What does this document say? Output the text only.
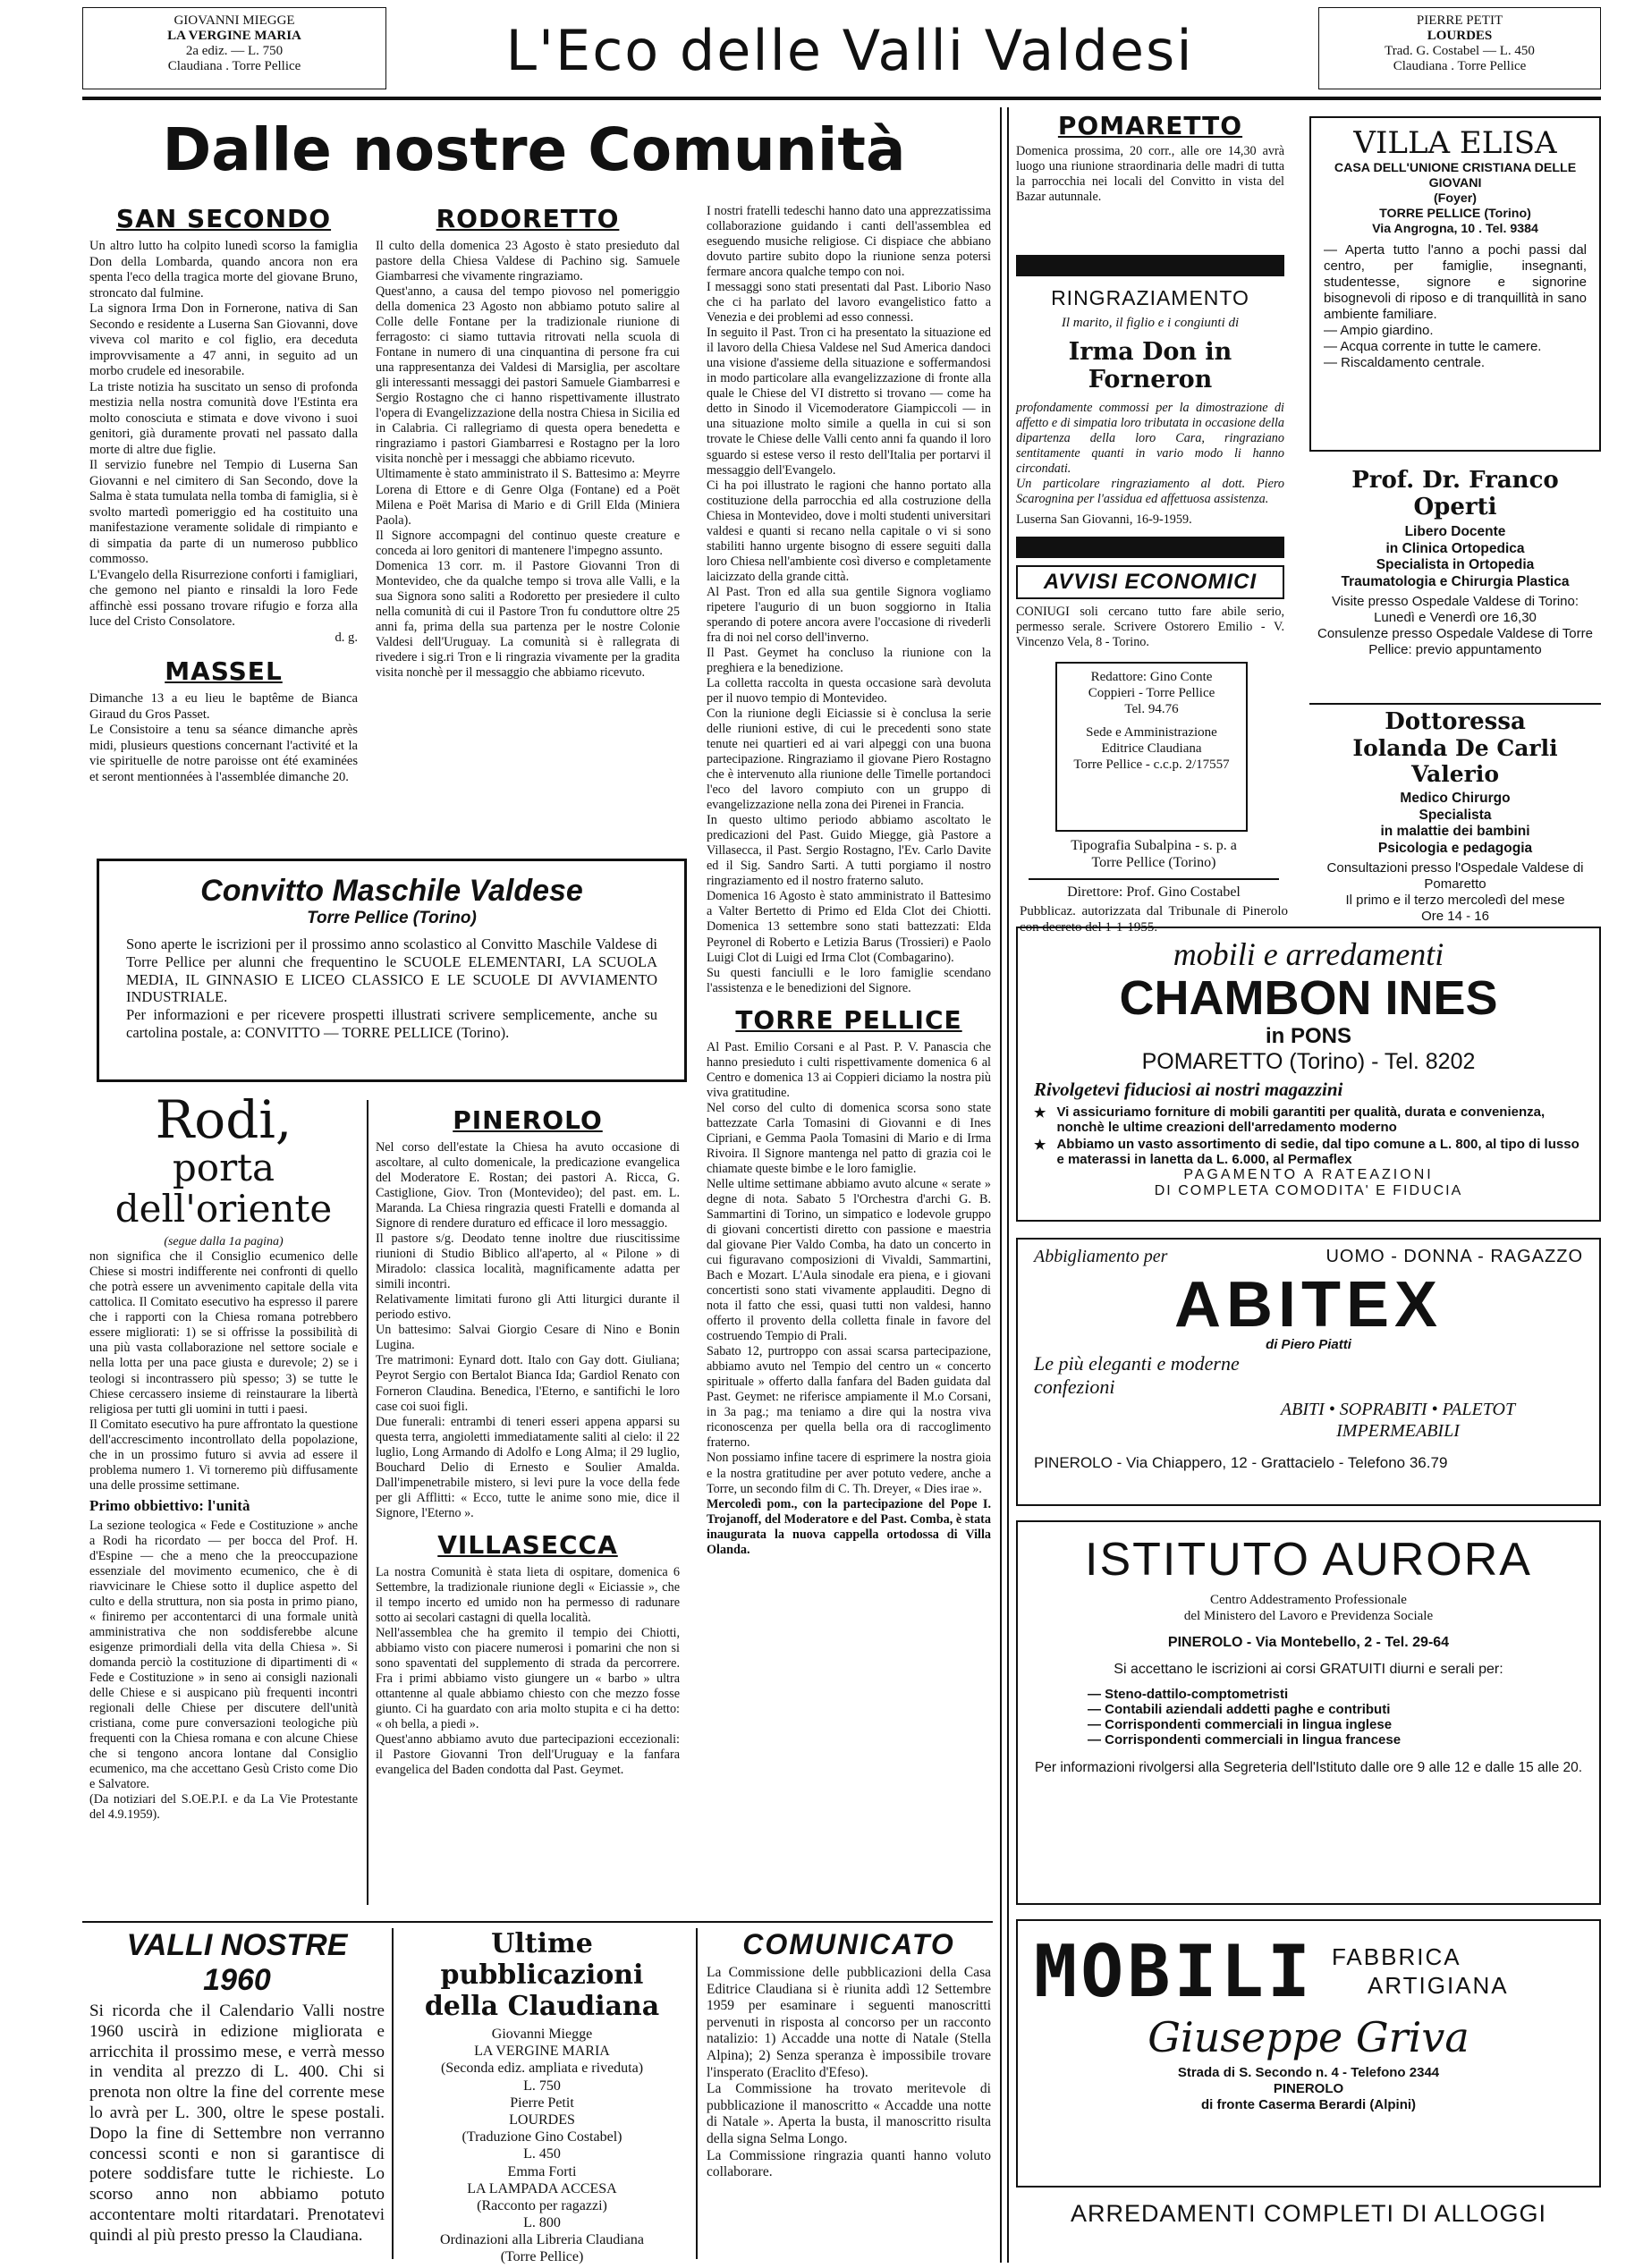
GIOVANNI MIEGGE
LA VERGINE MARIA
2a ediz. — L. 750
Claudiana . Torre Pellice	L'Eco delle Valli Valdesi	PIERRE PETIT
LOURDES
Trad. G. Costabel — L. 450
Claudiana . Torre Pellice
Dalle nostre Comunità
SAN SECONDO
Un altro lutto ha colpito lunedì scorso la famiglia Don della Lombarda, quando ancora non era spenta l'eco della tragica morte del giovane Bruno, stroncato dal fulmine.
La signora Irma Don in Fornerone, nativa di San Secondo e residente a Luserna San Giovanni, dove viveva col marito e col figlio, era deceduta improvvisamente a 47 anni, in seguito ad un morbo crudele ed inesorabile.
La triste notizia ha suscitato un senso di profonda mestizia nella nostra comunità dove l'Estinta era molto conosciuta e stimata e dove vivono i suoi genitori, già duramente provati nel passato dalla morte di altre due figlie.
Il servizio funebre nel Tempio di Luserna San Giovanni e nel cimitero di San Secondo, dove la Salma è stata tumulata nella tomba di famiglia, si è svolto martedì pomeriggio ed ha costituito una manifestazione veramente solidale di rimpianto e di simpatia da parte di un numeroso pubblico commosso.
L'Evangelo della Risurrezione conforti i famigliari, che gemono nel pianto e rinsaldi la loro Fede affinchè essi possano trovare rifugio e forza alla luce del Cristo Consolatore.
d. g.
MASSEL
Dimanche 13 a eu lieu le baptême de Bianca Giraud du Gros Passet.
Le Consistoire a tenu sa séance dimanche après midi, plusieurs questions concernant l'activité et la vie spirituelle de notre paroisse ont été examinées et seront mentionnées à l'assemblée dimanche 20.
RODORETTO
Il culto della domenica 23 Agosto è stato presieduto dal pastore della Chiesa Valdese di Pachino sig. Samuele Giambarresi che vivamente ringraziamo.
Quest'anno, a causa del tempo piovoso nel pomeriggio della domenica 23 Agosto non abbiamo potuto salire al Colle delle Fontane per la tradizionale riunione di ferragosto: ci siamo tuttavia ritrovati nella scuola di Fontane in numero di una cinquantina di persone fra cui una rappresentanza dei Valdesi di Marsiglia, per ascoltare gli interessanti messaggi dei pastori Samuele Giambarresi e Sergio Rostagno che ci hanno rispettivamente illustrato l'opera di Evangelizzazione della nostra Chiesa in Sicilia ed in Calabria. Ci rallegriamo di questa opera benedetta e ringraziamo i pastori Giambarresi e Rostagno per la loro visita nonchè per i messaggi che abbiamo ricevuto.
Ultimamente è stato amministrato il S. Battesimo a: Meyrre Lorena di Ettore e di Genre Olga (Fontane) ed a Poët Milena e Poët Marisa di Mario e di Grill Elda (Miniera Paola).
Il Signore accompagni del continuo queste creature e conceda ai loro genitori di mantenere l'impegno assunto.
Domenica 13 corr. m. il Pastore Giovanni Tron di Montevideo, che da qualche tempo si trova alle Valli, e la sua Signora sono saliti a Rodoretto per presiedere il culto nella comunità di cui il Pastore Tron fu conduttore oltre 25 anni fa, prima della sua partenza per le nostre Colonie Valdesi dell'Uruguay. La comunità si è rallegrata di rivedere i sig.ri Tron e li ringrazia vivamente per la gradita visita nonchè per il messaggio che abbiamo ricevuto.
I nostri fratelli tedeschi hanno dato una apprezzatissima collaborazione guidando i canti dell'assemblea ed eseguendo musiche religiose. Ci dispiace che abbiano dovuto partire subito dopo la riunione senza potersi fermare ancora qualche tempo con noi.
I messaggi sono stati presentati dal Past. Liborio Naso che ci ha parlato del lavoro evangelistico fatto a Venezia e dei problemi ad esso connessi.
In seguito il Past. Tron ci ha presentato la situazione ed il lavoro della Chiesa Valdese nel Sud America dandoci una visione d'assieme della situazione e soffermandosi in modo particolare alla evangelizzazione di fronte alla quale le Chiese del VI distretto si trovano — come ha detto in Sinodo il Vicemoderatore Giampiccoli — in una situazione molto simile a quella in cui si son trovate le Chiese delle Valli cento anni fa quando il loro sguardo si estese verso il resto dell'Italia per portarvi il messaggio dell'Evangelo.
Ci ha poi illustrato le ragioni che hanno portato alla costituzione della parrocchia ed alla costruzione della Chiesa in Montevideo, dove i molti studenti universitari valdesi e quanti si recano nella capitale o vi si sono stabiliti hanno urgente bisogno di essere seguiti dalla loro Chiesa nell'ambiente così diverso e completamente laicizzato della grande città.
Al Past. Tron ed alla sua gentile Signora vogliamo ripetere l'augurio di un buon soggiorno in Italia sperando di potere ancora avere l'occasione di rivederli fra di noi nel corso dell'inverno.
Il Past. Geymet ha concluso la riunione con la preghiera e la benedizione.
La colletta raccolta in questa occasione sarà devoluta per il nuovo tempio di Montevideo.
Con la riunione degli Eiciassie si è conclusa la serie delle riunioni estive, di cui le precedenti sono state tenute nei quartieri ed ai vari alpeggi con una buona partecipazione. Ringraziamo il giovane Piero Rostagno che è intervenuto alla riunione delle Timelle portandoci l'eco del lavoro compiuto con un gruppo di evangelizzazione nella zona dei Pirenei in Francia.
In questo ultimo periodo abbiamo ascoltato le predicazioni del Past. Guido Miegge, già Pastore a Villasecca, il Past. Sergio Rostagno, l'Ev. Carlo Davite ed il Sig. Sandro Sarti. A tutti porgiamo il nostro ringraziamento ed il nostro fraterno saluto.
Domenica 16 Agosto è stato amministrato il Battesimo a Valter Bertetto di Primo ed Elda Clot dei Chiotti. Domenica 13 settembre sono stati battezzati: Elda Peyronel di Roberto e Letizia Barus (Trossieri) e Paolo Luigi Clot di Luigi ed Irma Clot (Combagarino).
Su questi fanciulli e le loro famiglie scendano l'assistenza e le benedizioni del Signore.
TORRE PELLICE
Al Past. Emilio Corsani e al Past. P. V. Panascia che hanno presieduto i culti rispettivamente domenica 6 al Centro e domenica 13 ai Coppieri diciamo la nostra più viva gratitudine.
Nel corso del culto di domenica scorsa sono state battezzate Carla Tomasini di Giovanni e di Ines Cipriani, e Gemma Paola Tomasini di Mario e di Irma Rivoira. Il Signore mantenga nel patto di grazia coi le chiamate queste bimbe e le loro famiglie.
Nelle ultime settimane abbiamo avuto alcune « serate » degne di nota. Sabato 5 l'Orchestra d'archi G. B. Sammartini di Torino, un simpatico e lodevole gruppo di giovani concertisti diretto con passione e maestria dal giovane Pier Valdo Comba, ha dato un concerto in cui figuravano composizioni di Vivaldi, Sammartini, Bach e Mozart. L'Aula sinodale era piena, e i giovani concertisti sono stati vivamente applauditi. Degno di nota il fatto che essi, quasi tutti non valdesi, hanno offerto il provento della colletta finale in favore del costruendo Tempio di Prali.
Sabato 12, purtroppo con assai scarsa partecipazione, abbiamo avuto nel Tempio del centro un « concerto spirituale » offerto dalla fanfara del Baden guidata dal Past. Geymet: ne riferisce ampiamente il M.o Corsani, in 3a pag.; ma teniamo a dire qui la nostra viva riconoscenza per quella bella ora di raccoglimento fraterno.
Non possiamo infine tacere di esprimere la nostra gioia e la nostra gratitudine per aver potuto vedere, anche a Torre, un secondo film di C. Th. Dreyer, « Dies irae ».
Mercoledì pom., con la partecipazione del Pope I. Trojanoff, del Moderatore e del Past. Comba, è stata inaugurata la nuova cappella ortodossa di Villa Olanda.
Convitto Maschile Valdese
Torre Pellice (Torino)
Sono aperte le iscrizioni per il prossimo anno scolastico al Convitto Maschile Valdese di Torre Pellice per alunni che frequentino le SCUOLE ELEMENTARI, LA SCUOLA MEDIA, IL GINNASIO E LICEO CLASSICO E LE SCUOLE DI AVVIAMENTO INDUSTRIALE.
Per informazioni e per ricevere prospetti illustrati scrivere semplicemente, anche su cartolina postale, a: CONVITTO — TORRE PELLICE (Torino).
Rodi,
porta dell'oriente
(segue dalla 1a pagina)
non significa che il Consiglio ecumenico delle Chiese si mostri indifferente nei confronti di quello che potrà essere un avvenimento capitale della vita cattolica. Il Comitato esecutivo ha espresso il parere che i rapporti con la Chiesa romana potrebbero essere migliorati: 1) se si offrisse la possibilità di una più vasta collaborazione nel settore sociale e nella lotta per una pace giusta e durevole; 2) se i teologi si incontrassero più spesso; 3) se tutte le Chiese cercassero insieme di reinstaurare la libertà religiosa per tutti gli uomini in tutti i paesi.
Il Comitato esecutivo ha pure affrontato la questione dell'accrescimento incontrollato della popolazione, che in un prossimo futuro si avvia ad essere il problema numero 1. Vi torneremo più diffusamente una delle prossime settimane.
Primo obbiettivo: l'unità
La sezione teologica « Fede e Costituzione » anche a Rodi ha ricordato — per bocca del Prof. H. d'Espine — che a meno che la preoccupazione essenziale del movimento ecumenico, che è di riavvicinare le Chiese sotto il duplice aspetto del culto e della struttura, non sia posta in primo piano, « finiremo per accontentarci di una formale unità amministrativa che non soddisferebbe alcune esigenze primordiali della vita della Chiesa ». Si domanda perciò la costituzione di dipartimenti di « Fede e Costituzione » in seno ai consigli nazionali delle Chiese e si auspicano più frequenti incontri regionali delle Chiese per discutere dell'unità cristiana, come pure conversazioni teologiche più frequenti con la Chiesa romana e con alcune Chiese che si tengono ancora lontane dal Consiglio ecumenico, ma che accettano Gesù Cristo come Dio e Salvatore.
(Da notiziari del S.OE.P.I. e da La Vie Protestante del 4.9.1959).
PINEROLO
Nel corso dell'estate la Chiesa ha avuto occasione di ascoltare, al culto domenicale, la predicazione evangelica del Moderatore E. Rostan; dei pastori A. Ricca, G. Castiglione, Giov. Tron (Montevideo); del past. em. L. Maranda. La Chiesa ringrazia questi Fratelli e domanda al Signore di rendere duraturo ed efficace il loro messaggio.
Il pastore s/g. Deodato tenne inoltre due riuscitissime riunioni di Studio Biblico all'aperto, al « Pilone » di Miradolo: classica località, magnificamente adatta per simili incontri.
Relativamente limitati furono gli Atti liturgici durante il periodo estivo.
Un battesimo: Salvai Giorgio Cesare di Nino e Bonin Lugina.
Tre matrimoni: Eynard dott. Italo con Gay dott. Giuliana; Peyrot Sergio con Bertalot Bianca Ida; Gardiol Renato con Forneron Claudina. Benedica, l'Eterno, e santifichi le loro case coi suoi figli.
Due funerali: entrambi di teneri esseri appena apparsi su questa terra, angioletti immediatamente saliti al cielo: il 22 luglio, Long Armando di Adolfo e Long Alma; il 29 luglio, Bouchard Delio di Ernesto e Soulier Amalda. Dall'impenetrabile mistero, si levi pure la voce della fede per gli Afflitti: « Ecco, tutte le anime sono mie, dice il Signore, l'Eterno ».
VILLASECCA
La nostra Comunità è stata lieta di ospitare, domenica 6 Settembre, la tradizionale riunione degli « Eiciassie », che il tempo incerto ed umido non ha permesso di radunare sotto ai secolari castagni di quella località.
Nell'assemblea che ha gremito il tempio dei Chiotti, abbiamo visto con piacere numerosi i pomarini che non si sono spaventati del supplemento di strada da percorrere. Fra i primi abbiamo visto giungere un « barbo » ultra ottantenne al quale abbiamo chiesto con che mezzo fosse giunto. Ci ha guardato con aria molto stupita e ci ha detto: « oh bella, a piedi ».
Quest'anno abbiamo avuto due partecipazioni eccezionali: il Pastore Giovanni Tron dell'Uruguay e la fanfara evangelica del Baden condotta dal Past. Geymet.
VALLI NOSTRE
1960
Si ricorda che il Calendario Valli nostre 1960 uscirà in edizione migliorata e arricchita il prossimo mese, e verrà messo in vendita al prezzo di L. 400. Chi si prenota non oltre la fine del corrente mese lo avrà per L. 300, oltre le spese postali. Dopo la fine di Settembre non verranno concessi sconti e non si garantisce di potere soddisfare tutte le richieste. Lo scorso anno non abbiamo potuto accontentare molti ritardatari. Prenotatevi quindi al più presto presso la Claudiana.
Ultime pubblicazioni
della Claudiana
Giovanni Miegge
LA VERGINE MARIA
(Seconda ediz. ampliata e riveduta)
L. 750
Pierre Petit
LOURDES
(Traduzione Gino Costabel)
L. 450
Emma Forti
LA LAMPADA ACCESA
(Racconto per ragazzi)
L. 800
Ordinazioni alla Libreria Claudiana
(Torre Pellice)
COMUNICATO
La Commissione delle pubblicazioni della Casa Editrice Claudiana si è riunita addì 12 Settembre 1959 per esaminare i seguenti manoscritti pervenuti in risposta al concorso per un racconto natalizio: 1) Accadde una notte di Natale (Stella Alpina); 2) Senza speranza è impossibile trovare l'insperato (Eraclito d'Efeso).
La Commissione ha trovato meritevole di pubblicazione il manoscritto « Accadde una notte di Natale ». Aperta la busta, il manoscritto risulta della signa Selma Longo.
La Commissione ringrazia quanti hanno voluto collaborare.
POMARETTO
Domenica prossima, 20 corr., alle ore 14,30 avrà luogo una riunione straordinaria delle madri di tutta la parrocchia nei locali del Convitto in vista del Bazar autunnale.
RINGRAZIAMENTO
Il marito, il figlio e i congiunti di
Irma Don in Forneron
profondamente commossi per la dimostrazione di affetto e di simpatia loro tributata in occasione della dipartenza della loro Cara, ringraziano sentitamente quanti in vario modo li hanno circondati.
Un particolare ringraziamento al dott. Piero Scarognina per l'assidua ed affettuosa assistenza.
Luserna San Giovanni, 16-9-1959.
AVVISI ECONOMICI
CONIUGI soli cercano tutto fare abile serio, permesso serale. Scrivere Ostorero Emilio - V. Vincenzo Vela, 8 - Torino.
Redattore: Gino Conte
Coppieri - Torre Pellice
Tel. 94.76
Sede e Amministrazione
Editrice Claudiana
Torre Pellice - c.c.p. 2/17557
Tipografia Subalpina - s. p. a
Torre Pellice (Torino)
Direttore: Prof. Gino Costabel
Pubblicaz. autorizzata dal Tribunale di Pinerolo con decreto del 1-1-1955.
VILLA ELISA
CASA DELL'UNIONE CRISTIANA DELLE GIOVANI
(Foyer)
TORRE PELLICE (Torino)
Via Angrogna, 10 . Tel. 9384
— Aperta tutto l'anno a pochi passi dal centro, per famiglie, insegnanti, studentesse, signore e signorine bisognevoli di riposo e di tranquillità in sano ambiente familiare.
— Ampio giardino.
— Acqua corrente in tutte le camere.
— Riscaldamento centrale.
Prof. Dr. Franco Operti
Libero Docente
in Clinica Ortopedica
Specialista in Ortopedia
Traumatologia e Chirurgia Plastica
Visite presso Ospedale Valdese di Torino: Lunedì e Venerdì ore 16,30
Consulenze presso Ospedale Valdese di Torre Pellice: previo appuntamento
Dottoressa
Iolanda De Carli Valerio
Medico Chirurgo
Specialista
in malattie dei bambini
Psicologia e pedagogia
Consultazioni presso l'Ospedale Valdese di Pomaretto
Il primo e il terzo mercoledì del mese
Ore 14 - 16
mobili e arredamenti
CHAMBON INES
in PONS
POMARETTO (Torino) - Tel. 8202
Rivolgetevi fiduciosi ai nostri magazzini
★ Vi assicuriamo forniture di mobili garantiti per qualità, durata e convenienza, nonchè le ultime creazioni dell'arredamento moderno
★ Abbiamo un vasto assortimento di sedie, dal tipo comune a L. 800, al tipo di lusso e materassi in lanetta da L. 6.000, al Permaflex
PAGAMENTO A RATEAZIONI
DI COMPLETA COMODITA' E FIDUCIA
Abbigliamento per	UOMO - DONNA - RAGAZZO
ABITEX
di Piero Piatti
Le più eleganti e moderne confezioni
ABITI • SOPRABITI • PALETOT
IMPERMEABILI
PINEROLO - Via Chiappero, 12 - Grattacielo - Telefono 36.79
ISTITUTO AURORA
Centro Addestramento Professionale
del Ministero del Lavoro e Previdenza Sociale
PINEROLO - Via Montebello, 2 - Tel. 29-64
Si accettano le iscrizioni ai corsi GRATUITI diurni e serali per:
— Steno-dattilo-comptometristi
— Contabili aziendali addetti paghe e contributi
— Corrispondenti commerciali in lingua inglese
— Corrispondenti commerciali in lingua francese
Per informazioni rivolgersi alla Segreteria dell'Istituto dalle ore 9 alle 12 e dalle 15 alle 20.
MOBILI FABBRICA
ARTIGIANA
Giuseppe Griva
Strada di S. Secondo n. 4 - Telefono 2344
PINEROLO
di fronte Caserma Berardi (Alpini)
ARREDAMENTI COMPLETI DI ALLOGGI
